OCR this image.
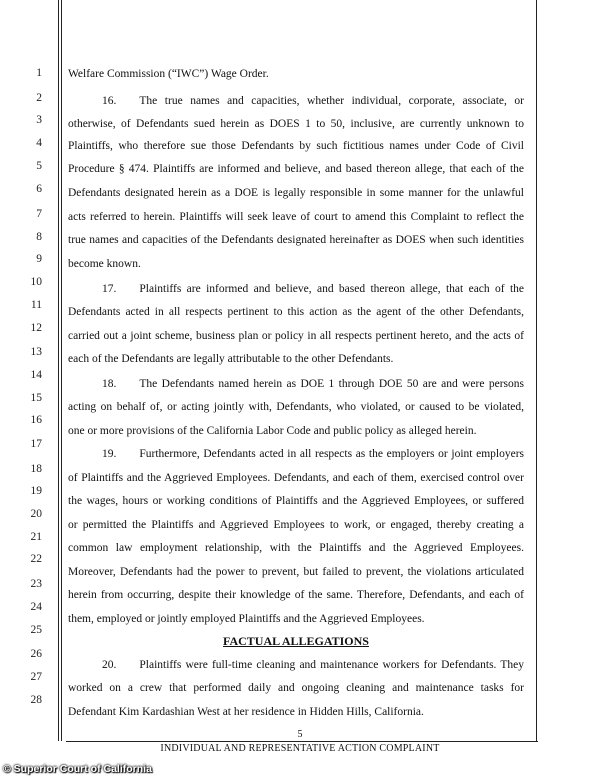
1
2
3
4
5
6
7
8
9
10
11
12
13
14
15
16
17
18
19
20
21
22
23
24
25
26
27
28
Welfare Commission (“IWC”) Wage Order.
16.  The true names and capacities, whether individual, corporate, associate, or
otherwise, of Defendants sued herein as DOES 1 to 50, inclusive, are currently unknown to
Plaintiffs, who therefore sue those Defendants by such fictitious names under Code of Civil
Procedure § 474. Plaintiffs are informed and believe, and based thereon allege, that each of the
Defendants designated herein as a DOE is legally responsible in some manner for the unlawful
acts referred to herein. Plaintiffs will seek leave of court to amend this Complaint to reflect the
true names and capacities of the Defendants designated hereinafter as DOES when such identities
become known.
17.  Plaintiffs are informed and believe, and based thereon allege, that each of the
Defendants acted in all respects pertinent to this action as the agent of the other Defendants,
carried out a joint scheme, business plan or policy in all respects pertinent hereto, and the acts of
each of the Defendants are legally attributable to the other Defendants.
18.  The Defendants named herein as DOE 1 through DOE 50 are and were persons
acting on behalf of, or acting jointly with, Defendants, who violated, or caused to be violated,
one or more provisions of the California Labor Code and public policy as alleged herein.
19.  Furthermore, Defendants acted in all respects as the employers or joint employers
of Plaintiffs and the Aggrieved Employees. Defendants, and each of them, exercised control over
the wages, hours or working conditions of Plaintiffs and the Aggrieved Employees, or suffered
or permitted the Plaintiffs and Aggrieved Employees to work, or engaged, thereby creating a
common law employment relationship, with the Plaintiffs and the Aggrieved Employees.
Moreover, Defendants had the power to prevent, but failed to prevent, the violations articulated
herein from occurring, despite their knowledge of the same. Therefore, Defendants, and each of
them, employed or jointly employed Plaintiffs and the Aggrieved Employees.
20.  Plaintiffs were full-time cleaning and maintenance workers for Defendants. They
worked on a crew that performed daily and ongoing cleaning and maintenance tasks for
Defendant Kim Kardashian West at her residence in Hidden Hills, California.
FACTUAL ALLEGATIONS
5
INDIVIDUAL AND REPRESENTATIVE ACTION COMPLAINT
© Superior Court of California
